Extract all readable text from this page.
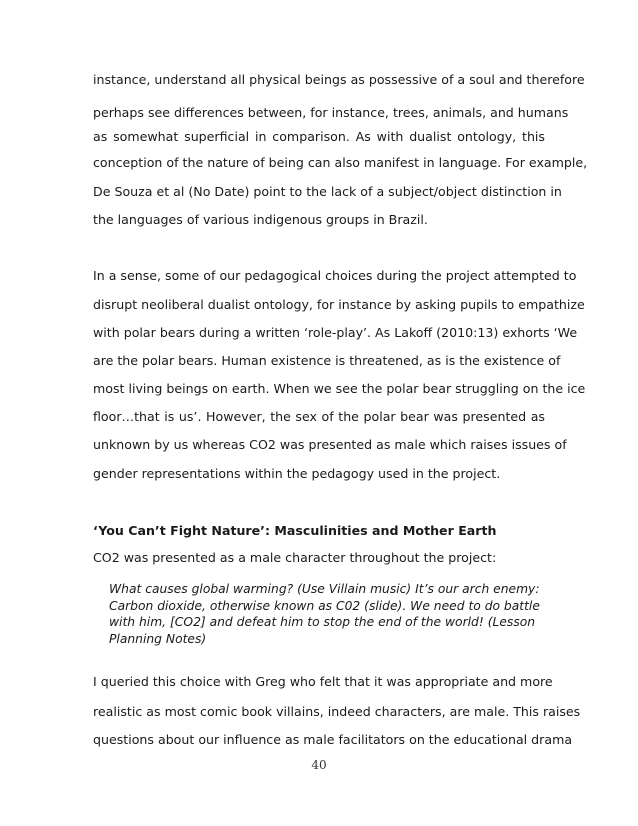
instance, understand all physical beings as possessive of a soul and therefore
perhaps see differences between, for instance, trees, animals, and humans
as somewhat superficial in comparison. As with dualist ontology, this
conception of the nature of being can also manifest in language. For example,
De Souza et al (No Date) point to the lack of a subject/object distinction in
the languages of various indigenous groups in Brazil.
In a sense, some of our pedagogical choices during the project attempted to
disrupt neoliberal dualist ontology, for instance by asking pupils to empathize
with polar bears during a written ‘role-play’. As Lakoff (2010:13) exhorts ‘We
are the polar bears. Human existence is threatened, as is the existence of
most living beings on earth. When we see the polar bear struggling on the ice
floor…that is us’. However, the sex of the polar bear was presented as
unknown by us whereas CO2 was presented as male which raises issues of
gender representations within the pedagogy used in the project.
‘You Can’t Fight Nature’: Masculinities and Mother Earth
CO2 was presented as a male character throughout the project:
What causes global warming? (Use Villain music) It’s our arch enemy:
Carbon dioxide, otherwise known as C02 (slide). We need to do battle
with him, [CO2] and defeat him to stop the end of the world! (Lesson
Planning Notes)
I queried this choice with Greg who felt that it was appropriate and more
realistic as most comic book villains, indeed characters, are male. This raises
questions about our influence as male facilitators on the educational drama
40
